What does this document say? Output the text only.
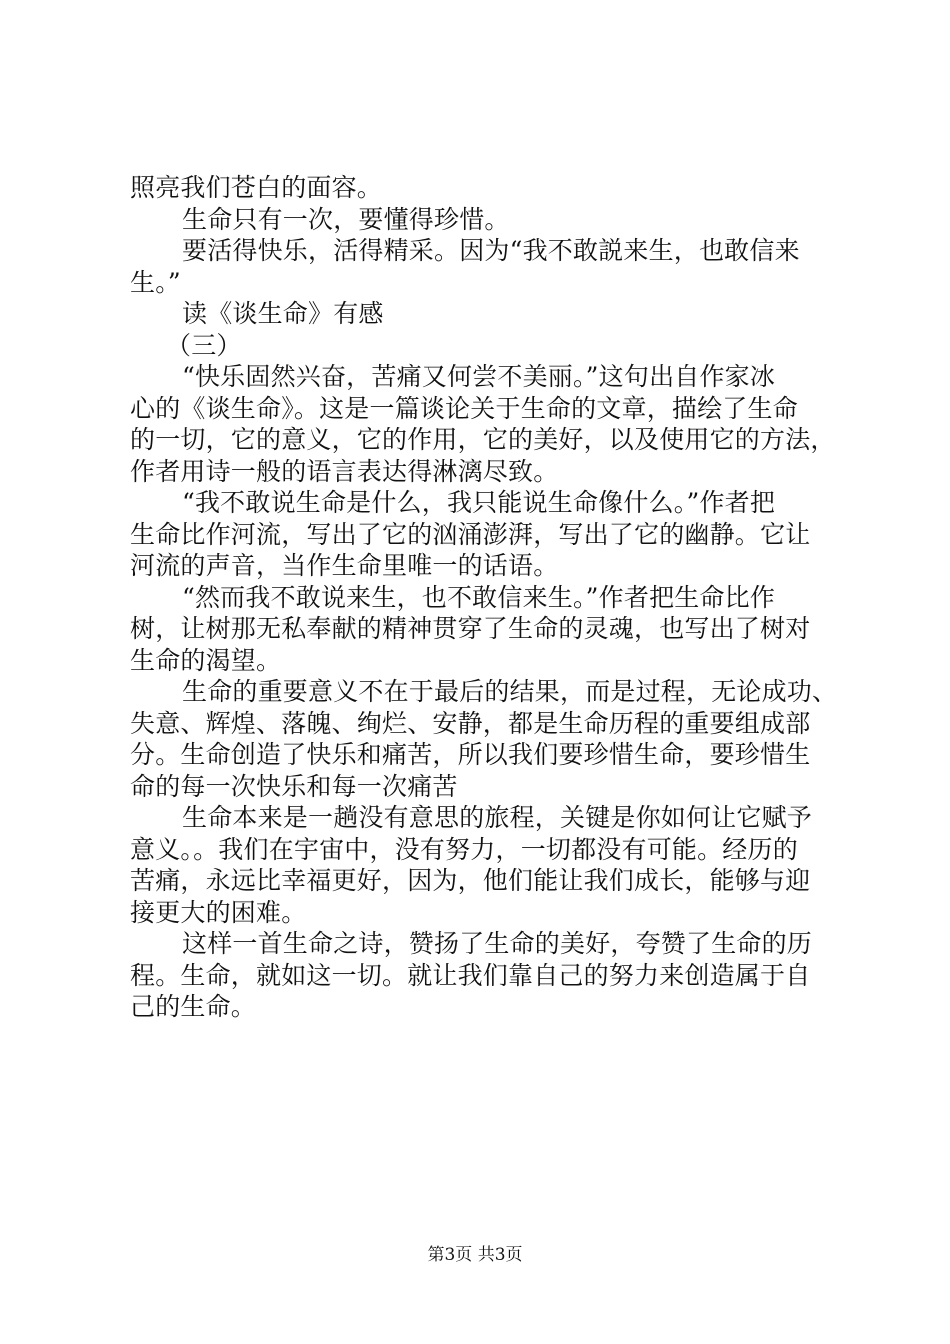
照亮我们苍白的面容。
生命只有一次，要懂得珍惜。
要活得快乐，活得精采。因为“我不敢説来生，也敢信来
生。”
读《谈生命》有感
（三）
“快乐固然兴奋，苦痛又何尝不美丽。”这句出自作家冰
心的《谈生命》。这是一篇谈论关于生命的文章，描绘了生命
的一切，它的意义，它的作用，它的美好，以及使用它的方法，
作者用诗一般的语言表达得淋漓尽致。
“我不敢说生命是什么，我只能说生命像什么。”作者把
生命比作河流，写出了它的汹涌澎湃，写出了它的幽静。它让
河流的声音，当作生命里唯一的话语。
“然而我不敢说来生，也不敢信来生。”作者把生命比作
树，让树那无私奉献的精神贯穿了生命的灵魂，也写出了树对
生命的渴望。
生命的重要意义不在于最后的结果，而是过程，无论成功、
失意、辉煌、落魄、绚烂、安静，都是生命历程的重要组成部
分。生命创造了快乐和痛苦，所以我们要珍惜生命，要珍惜生
命的每一次快乐和每一次痛苦
生命本来是一趟没有意思的旅程，关键是你如何让它赋予
意义。。我们在宇宙中，没有努力，一切都没有可能。经历的
苦痛，永远比幸福更好，因为，他们能让我们成长，能够与迎
接更大的困难。
这样一首生命之诗，赞扬了生命的美好，夸赞了生命的历
程。生命，就如这一切。就让我们靠自己的努力来创造属于自
己的生命。
第3页 共3页
